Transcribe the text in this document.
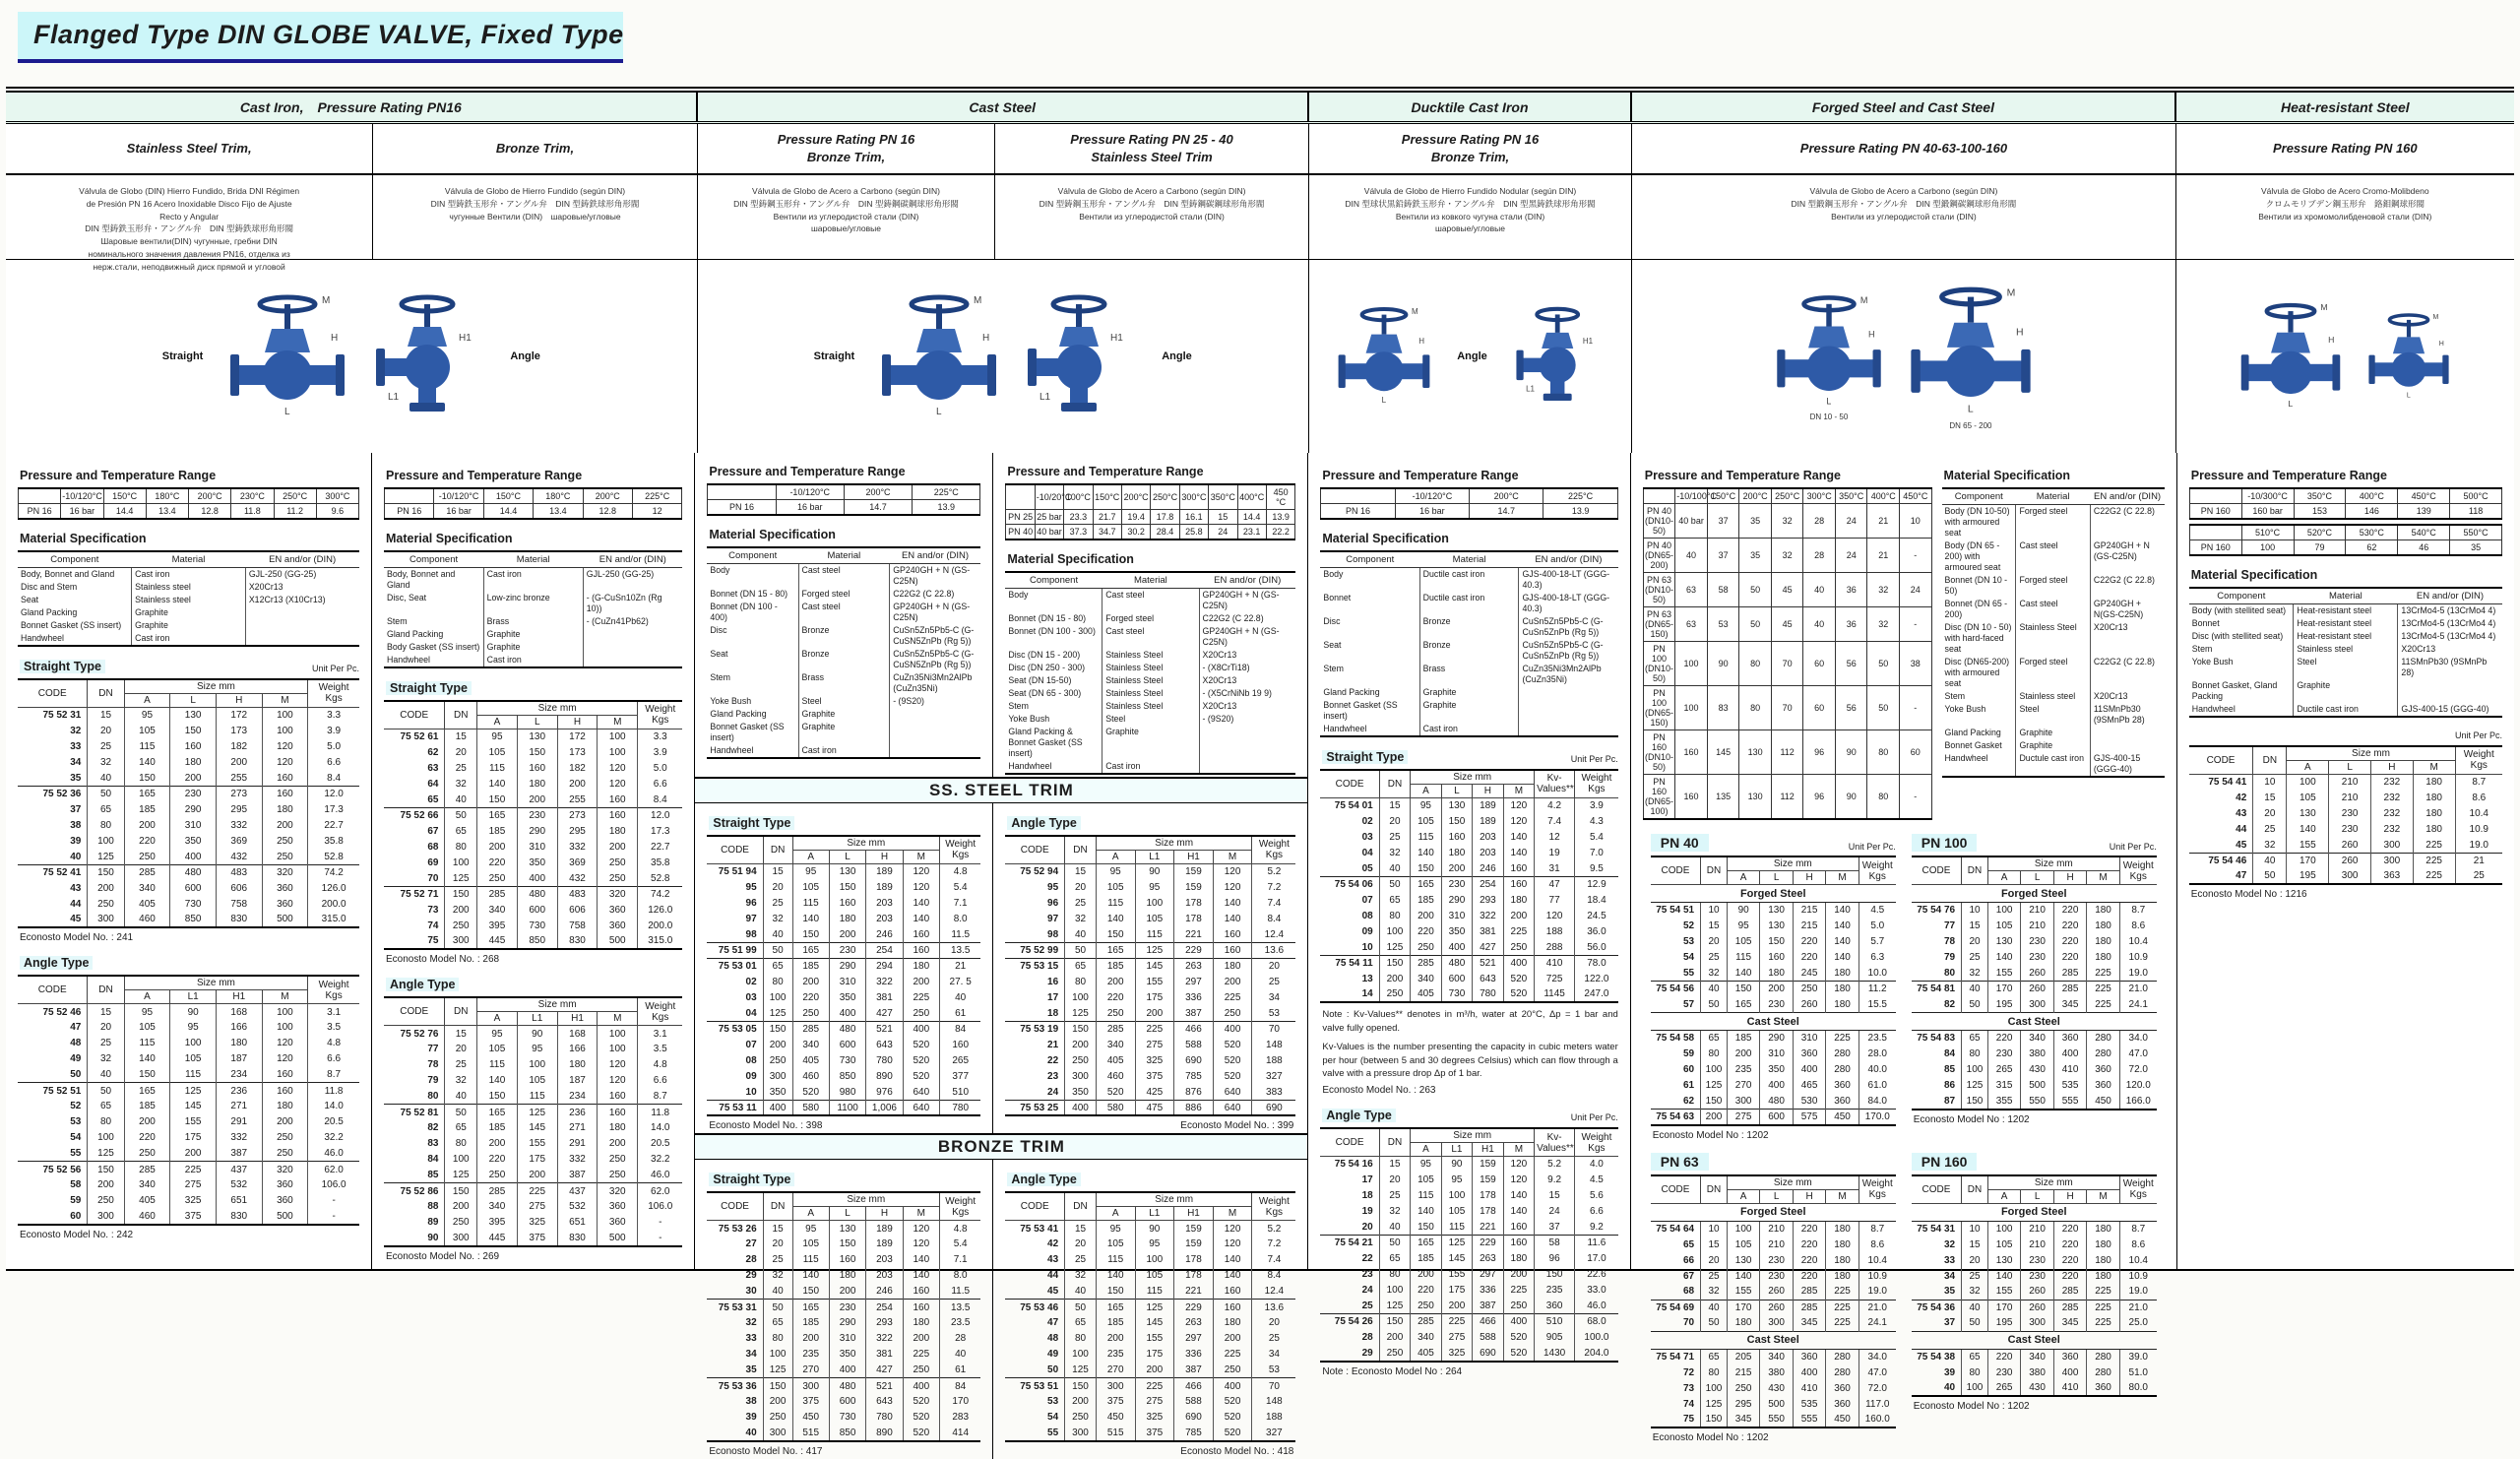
Flanged Type DIN GLOBE VALVE, Fixed Type
Cast Iron, Pressure Rating PN16	Cast Steel	Ducktile Cast Iron	Forged Steel and Cast Steel	Heat-resistant Steel
Stainless Steel Trim,	Bronze Trim,
Pressure Rating PN 16
Bronze Trim,
Pressure Rating PN 25 - 40
Stainless Steel Trim
Pressure Rating PN 16
Bronze Trim,
Pressure Rating PN 40-63-100-160	Pressure Rating PN 160
Válvula de Globo (DIN) Hierro Fundido, Brida DNI Régimen
de Presión PN 16 Acero Inoxidable Disco Fijo de Ajuste
Recto y Angular
DIN 型鋳鉄玉形弁・アングル弁　DIN 型鋳鉄球形角形閥
Шаровые вентили(DIN) чугунные, гребни DIN
номинального значения давления PN16, отделка из
нерж.стали, неподвижный диск прямой и угловой
Válvula de Globo de Hierro Fundido (según DIN)
DIN 型鋳鉄玉形弁・アングル弁　DIN 型鋳鉄球形角形閥
чугунные Вентили (DIN)　шаровые/угловые
Válvula de Globo de Acero a Carbono (según DIN)
DIN 型鋳鋼玉形弁・アングル弁　DIN 型鋳鋼碳鋼球形角形閥
Вентили из углеродистой стали (DIN)
шаровые/угловые
Válvula de Globo de Acero a Carbono (según DIN)
DIN 型鋳鋼玉形弁・アングル弁　DIN 型鋳鋼碳鋼球形角形閥
Вентили из углеродистой стали (DIN)
Válvula de Globo de Hierro Fundido Nodular (según DIN)
DIN 型球状黒鉛鋳鉄玉形弁・アングル弁　DIN 型黑鋳鉄球形角形閥
Вентили из ковкого чугуна стали (DIN)
шаровые/угловые
Válvula de Globo de Acero a Carbono (según DIN)
DIN 型鍛鋼玉形弁・アングル弁　DIN 型鍛鋼碳鋼球形角形閥
Вентили из углеродистой стали (DIN)
Válvula de Globo de Acero Cromo-Molibdeno
クロムモリブデン鋼玉形弁　鉻鉬鋼球形閥
Вентили из хромомолибденовой стали (DIN)
Straight	Angle	Straight	Angle	Angle
DN 10 - 50
DN 65 - 200
Pressure and Temperature Range
	-10/120°C	150°C	180°C	200°C	230°C	250°C	300°C
PN 16	16 bar	14.4	13.4	12.8	11.8	11.2	9.6
Material Specification
Component	Material	EN and/or (DIN)
Body, Bonnet and Gland	Cast iron	GJL-250 (GG-25)
Disc and Stem	Stainless steel	X20Cr13
Seat	Stainless steel	X12Cr13 (X10Cr13)
Gland Packing	Graphite	
Bonnet Gasket (SS insert)	Graphite	
Handwheel	Cast iron	
Straight Type	Unit Per Pc.
CODE	DN	Size mm				Weight
Kgs
		A	L	H	M	
75 52 31	15	95	130	172	100	3.3
32	20	105	150	173	100	3.9
33	25	115	160	182	120	5.0
34	32	140	180	200	120	6.6
35	40	150	200	255	160	8.4
75 52 36	50	165	230	273	160	12.0
37	65	185	290	295	180	17.3
38	80	200	310	332	200	22.7
39	100	220	350	369	250	35.8
40	125	250	400	432	250	52.8
75 52 41	150	285	480	483	320	74.2
43	200	340	600	606	360	126.0
44	250	405	730	758	360	200.0
45	300	460	850	830	500	315.0
Econosto Model No. : 241
Angle Type
CODE	DN	Size mm				Weight
Kgs
		A	L1	H1	M	
75 52 46	15	95	90	168	100	3.1
47	20	105	95	166	100	3.5
48	25	115	100	180	120	4.8
49	32	140	105	187	120	6.6
50	40	150	115	234	160	8.7
75 52 51	50	165	125	236	160	11.8
52	65	185	145	271	180	14.0
53	80	200	155	291	200	20.5
54	100	220	175	332	250	32.2
55	125	250	200	387	250	46.0
75 52 56	150	285	225	437	320	62.0
58	200	340	275	532	360	106.0
59	250	405	325	651	360	-
60	300	460	375	830	500	-
Econosto Model No. : 242
Pressure and Temperature Range
	-10/120°C	150°C	180°C	200°C	225°C
PN 16	16 bar	14.4	13.4	12.8	12
Material Specification
Component	Material	EN and/or (DIN)
Body, Bonnet and Gland	Cast iron	GJL-250 (GG-25)
Disc, Seat	Low-zinc bronze	- (G-CuSn10Zn (Rg 10))
Stem	Brass	- (CuZn41Pb62)
Gland Packing	Graphite	
Body Gasket (SS insert)	Graphite	
Handwheel	Cast iron	
Straight Type
CODE	DN	Size mm				Weight
Kgs
		A	L	H	M	
75 52 61	15	95	130	172	100	3.3
62	20	105	150	173	100	3.9
63	25	115	160	182	120	5.0
64	32	140	180	200	120	6.6
65	40	150	200	255	160	8.4
75 52 66	50	165	230	273	160	12.0
67	65	185	290	295	180	17.3
68	80	200	310	332	200	22.7
69	100	220	350	369	250	35.8
70	125	250	400	432	250	52.8
75 52 71	150	285	480	483	320	74.2
73	200	340	600	606	360	126.0
74	250	395	730	758	360	200.0
75	300	445	850	830	500	315.0
Econosto Model No. : 268
Angle Type
CODE	DN	Size mm				Weight
Kgs
		A	L1	H1	M	
75 52 76	15	95	90	168	100	3.1
77	20	105	95	166	100	3.5
78	25	115	100	180	120	4.8
79	32	140	105	187	120	6.6
80	40	150	115	234	160	8.7
75 52 81	50	165	125	236	160	11.8
82	65	185	145	271	180	14.0
83	80	200	155	291	200	20.5
84	100	220	175	332	250	32.2
85	125	250	200	387	250	46.0
75 52 86	150	285	225	437	320	62.0
88	200	340	275	532	360	106.0
89	250	395	325	651	360	-
90	300	445	375	830	500	-
Econosto Model No. : 269
Pressure and Temperature Range
	-10/120°C	200°C	225°C
PN 16	16 bar	14.7	13.9
Material Specification
Component	Material	EN and/or (DIN)
Body	Cast steel	GP240GH + N (GS-C25N)
Bonnet (DN 15 - 80)	Forged steel	C22G2 (C 22.8)
Bonnet (DN 100 - 400)	Cast steel	GP240GH + N (GS-C25N)
Disc	Bronze	CuSn5Zn5Pb5-C (G-CuSN5ZnPb (Rg 5))
Seat	Bronze	CuSn5Zn5Pb5-C (G-CuSN5ZnPb (Rg 5))
Stem	Brass	CuZn35Ni3Mn2AlPb (CuZn35Ni)
Yoke Bush	Steel	- (9S20)
Gland Packing	Graphite	
Bonnet Gasket (SS insert)	Graphite	
Handwheel	Cast iron	
Pressure and Temperature Range
	-10/20°C	100°C	150°C	200°C	250°C	300°C	350°C	400°C	450 °C
PN 25	25 bar	23.3	21.7	19.4	17.8	16.1	15	14.4	13.9
PN 40	40 bar	37.3	34.7	30.2	28.4	25.8	24	23.1	22.2
Material Specification
Component	Material	EN and/or (DIN)
Body	Cast steel	GP240GH + N (GS-C25N)
Bonnet (DN 15 - 80)	Forged steel	C22G2 (C 22.8)
Bonnet (DN 100 - 300)	Cast steel	GP240GH + N (GS-C25N)
Disc (DN 15 - 200)	Stainless Steel	X20Cr13
Disc (DN 250 - 300)	Stainless Steel	- (X8CrTi18)
Seat (DN 15-50)	Stainless Steel	X20Cr13
Seat (DN 65 - 300)	Stainless Steel	- (X5CrNiNb 19 9)
Stem	Stainless Steel	X20Cr13
Yoke Bush	Steel	- (9S20)
Gland Packing & Bonnet Gasket (SS insert)	Graphite	
Handwheel	Cast iron	
SS. STEEL TRIM
Straight Type
CODE	DN	Size mm				Weight
Kgs
		A	L	H	M	
75 51 94	15	95	130	189	120	4.8
95	20	105	150	189	120	5.4
96	25	115	160	203	140	7.1
97	32	140	180	203	140	8.0
98	40	150	200	246	160	11.5
75 51 99	50	165	230	254	160	13.5
75 53 01	65	185	290	294	180	21
02	80	200	310	322	200	27. 5
03	100	220	350	381	225	40
04	125	250	400	427	250	61
75 53 05	150	285	480	521	400	84
07	200	340	600	643	520	160
08	250	405	730	780	520	265
09	300	460	850	890	520	377
10	350	520	980	976	640	510
75 53 11	400	580	1100	1,006	640	780
Econosto Model No. : 398
Angle Type
CODE	DN	Size mm				Weight
Kgs
		A	L1	H1	M	
75 52 94	15	95	90	159	120	5.2
95	20	105	95	159	120	7.2
96	25	115	100	178	140	7.4
97	32	140	105	178	140	8.4
98	40	150	115	221	160	12.4
75 52 99	50	165	125	229	160	13.6
75 53 15	65	185	145	263	180	20
16	80	200	155	297	200	25
17	100	220	175	336	225	34
18	125	250	200	387	250	53
75 53 19	150	285	225	466	400	70
21	200	340	275	588	520	148
22	250	405	325	690	520	188
23	300	460	375	785	520	327
24	350	520	425	876	640	383
75 53 25	400	580	475	886	640	690
Econosto Model No. : 399
BRONZE TRIM
Straight Type
CODE	DN	Size mm				Weight
Kgs
		A	L	H	M	
75 53 26	15	95	130	189	120	4.8
27	20	105	150	189	120	5.4
28	25	115	160	203	140	7.1
29	32	140	180	203	140	8.0
30	40	150	200	246	160	11.5
75 53 31	50	165	230	254	160	13.5
32	65	185	290	293	180	23.5
33	80	200	310	322	200	28
34	100	235	350	381	225	40
35	125	270	400	427	250	61
75 53 36	150	300	480	521	400	84
38	200	375	600	643	520	170
39	250	450	730	780	520	283
40	300	515	850	890	520	414
Econosto Model No. : 417
Angle Type
CODE	DN	Size mm				Weight
Kgs
		A	L1	H1	M	
75 53 41	15	95	90	159	120	5.2
42	20	105	95	159	120	7.2
43	25	115	100	178	140	7.4
44	32	140	105	178	140	8.4
45	40	150	115	221	160	12.4
75 53 46	50	165	125	229	160	13.6
47	65	185	145	263	180	20
48	80	200	155	297	200	25
49	100	235	175	336	225	34
50	125	270	200	387	250	53
75 53 51	150	300	225	466	400	70
53	200	375	275	588	520	148
54	250	450	325	690	520	188
55	300	515	375	785	520	327
Econosto Model No. : 418
Pressure and Temperature Range
	-10/120°C	200°C	225°C
PN 16	16 bar	14.7	13.9
Material Specification
Component	Material	EN and/or (DIN)
Body	Ductile cast iron	GJS-400-18-LT (GGG-40.3)
Bonnet	Ductile cast iron	GJS-400-18-LT (GGG-40.3)
Disc	Bronze	CuSn5Zn5Pb5-C (G-CuSn5ZnPb (Rg 5))
Seat	Bronze	CuSn5Zn5Pb5-C (G-CuSn5ZnPb (Rg 5))
Stem	Brass	CuZn35Ni3Mn2AlPb (CuZn35Ni)
Gland Packing	Graphite	
Bonnet Gasket (SS insert)	Graphite	
Handwheel	Cast iron	
Straight Type	Unit Per Pc.
CODE	DN	Size mm				Kv-
Values**	Weight
Kgs
		A	L	H	M		
75 54 01	15	95	130	189	120	4.2	3.9
02	20	105	150	189	120	7.4	4.3
03	25	115	160	203	140	12	5.4
04	32	140	180	203	140	19	7.0
05	40	150	200	246	160	31	9.5
75 54 06	50	165	230	254	160	47	12.9
07	65	185	290	293	180	77	18.4
08	80	200	310	322	200	120	24.5
09	100	220	350	381	225	188	36.0
10	125	250	400	427	250	288	56.0
75 54 11	150	285	480	521	400	410	78.0
13	200	340	600	643	520	725	122.0
14	250	405	730	780	520	1145	247.0
Note : Kv-Values** denotes in m³/h, water at 20°C, Δp = 1 bar and valve fully opened.
Kv-Values is the number presenting the capacity in cubic meters water per hour (between 5 and 30 degrees Celsius) which can flow through a valve with a pressure drop Δp of 1 bar.
Econosto Model No. : 263
Angle Type	Unit Per Pc.
CODE	DN	Size mm				Kv-
Values**	Weight
Kgs
		A	L1	H1	M		
75 54 16	15	95	90	159	120	5.2	4.0
17	20	105	95	159	120	9.2	4.5
18	25	115	100	178	140	15	5.6
19	32	140	105	178	140	24	6.6
20	40	150	115	221	160	37	9.2
75 54 21	50	165	125	229	160	58	11.6
22	65	185	145	263	180	96	17.0
23	80	200	155	297	200	150	22.6
24	100	220	175	336	225	235	33.0
25	125	250	200	387	250	360	46.0
75 54 26	150	285	225	466	400	510	68.0
28	200	340	275	588	520	905	100.0
29	250	405	325	690	520	1430	204.0
Note : Econosto Model No : 264
Pressure and Temperature Range
	-10/100°C	150°C	200°C	250°C	300°C	350°C	400°C	450°C
PN 40
(DN10-50)	40 bar	37	35	32	28	24	21	10
PN 40
(DN65-200)	40	37	35	32	28	24	21	-
PN 63
(DN10-50)	63	58	50	45	40	36	32	24
PN 63
(DN65-150)	63	53	50	45	40	36	32	-
PN 100
(DN10-50)	100	90	80	70	60	56	50	38
PN 100
(DN65-150)	100	83	80	70	60	56	50	-
PN 160
(DN10-50)	160	145	130	112	96	90	80	60
PN 160
(DN65-100)	160	135	130	112	96	90	80	-
Material Specification
Component	Material	EN and/or (DIN)
Body (DN 10-50) with armoured seat	Forged steel	C22G2 (C 22.8)
Body (DN 65 - 200) with armoured seat	Cast steel	GP240GH + N (GS-C25N)
Bonnet (DN 10 - 50)	Forged steel	C22G2 (C 22.8)
Bonnet (DN 65 - 200)	Cast steel	GP240GH + N(GS-C25N)
Disc (DN 10 - 50) with hard-faced seat	Stainless Steel	X20Cr13
Disc (DN65-200) with armoured seat	Forged steel	C22G2 (C 22.8)
Stem	Stainless steel	X20Cr13
Yoke Bush	Steel	11SMnPb30 (9SMnPb 28)
Gland Packing	Graphite	
Bonnet Gasket	Graphite	
Handwheel	Ductule cast iron	GJS-400-15 (GGG-40)
PN 40	Unit Per Pc.
CODE	DN	Size mm				Weight
Kgs
		A	L	H	M	
Forged Steel						
75 54 51	10	90	130	215	140	4.5
52	15	95	130	215	140	5.0
53	20	105	150	220	140	5.7
54	25	115	160	220	140	6.3
55	32	140	180	245	180	10.0
75 54 56	40	150	200	250	180	11.2
57	50	165	230	260	180	15.5
Cast Steel						
75 54 58	65	185	290	310	225	23.5
59	80	200	310	360	280	28.0
60	100	235	350	400	280	40.0
61	125	270	400	465	360	61.0
62	150	300	480	530	360	84.0
75 54 63	200	275	600	575	450	170.0
Econosto Model No : 1202
PN 100	Unit Per Pc.
CODE	DN	Size mm				Weight
Kgs
		A	L	H	M	
Forged Steel						
75 54 76	10	100	210	220	180	8.7
77	15	105	210	220	180	8.6
78	20	130	230	220	180	10.4
79	25	140	230	220	180	10.9
80	32	155	260	285	225	19.0
75 54 81	40	170	260	285	225	21.0
82	50	195	300	345	225	24.1
Cast Steel						
75 54 83	65	220	340	360	280	34.0
84	80	230	380	400	280	47.0
85	100	265	430	410	360	72.0
86	125	315	500	535	360	120.0
87	150	355	550	555	450	166.0
Econosto Model No : 1202
PN 63
CODE	DN	Size mm				Weight
Kgs
		A	L	H	M	
Forged Steel						
75 54 64	10	100	210	220	180	8.7
65	15	105	210	220	180	8.6
66	20	130	230	220	180	10.4
67	25	140	230	220	180	10.9
68	32	155	260	285	225	19.0
75 54 69	40	170	260	285	225	21.0
70	50	180	300	345	225	24.1
Cast Steel						
75 54 71	65	205	340	360	280	34.0
72	80	215	380	400	280	47.0
73	100	250	430	410	360	72.0
74	125	295	500	535	360	117.0
75	150	345	550	555	450	160.0
Econosto Model No : 1202
PN 160
CODE	DN	Size mm				Weight
Kgs
		A	L	H	M	
Forged Steel						
75 54 31	10	100	210	220	180	8.7
32	15	105	210	220	180	8.6
33	20	130	230	220	180	10.4
34	25	140	230	220	180	10.9
35	32	155	260	285	225	19.0
75 54 36	40	170	260	285	225	21.0
37	50	195	300	345	225	25.0
Cast Steel						
75 54 38	65	220	340	360	280	39.0
39	80	230	380	400	280	51.0
40	100	265	430	410	360	80.0
Econosto Model No : 1202
Pressure and Temperature Range
	-10/300°C	350°C	400°C	450°C	500°C
PN 160	160 bar	153	146	139	118
	510°C	520°C	530°C	540°C	550°C
PN 160	100	79	62	46	35
Material Specification
Component	Material	EN and/or (DIN)
Body (with stellited seat)	Heat-resistant steel	13CrMo4-5 (13CrMo4 4)
Bonnet	Heat-resistant steel	13CrMo4-5 (13CrMo4 4)
Disc (with stellited seat)	Heat-resistant steel	13CrMo4-5 (13CrMo4 4)
Stem	Stainless steel	X20Cr13
Yoke Bush	Steel	11SMnPb30 (9SMnPb 28)
Bonnet Gasket, Gland Packing	Graphite	
Handwheel	Ductile cast iron	GJS-400-15 (GGG-40)
Unit Per Pc.
CODE	DN	Size mm				Weight
Kgs
		A	L	H	M	
75 54 41	10	100	210	232	180	8.7
42	15	105	210	232	180	8.6
43	20	130	230	232	180	10.4
44	25	140	230	232	180	10.9
45	32	155	260	300	225	19.0
75 54 46	40	170	260	300	225	21
47	50	195	300	363	225	25
Econosto Model No : 1216
